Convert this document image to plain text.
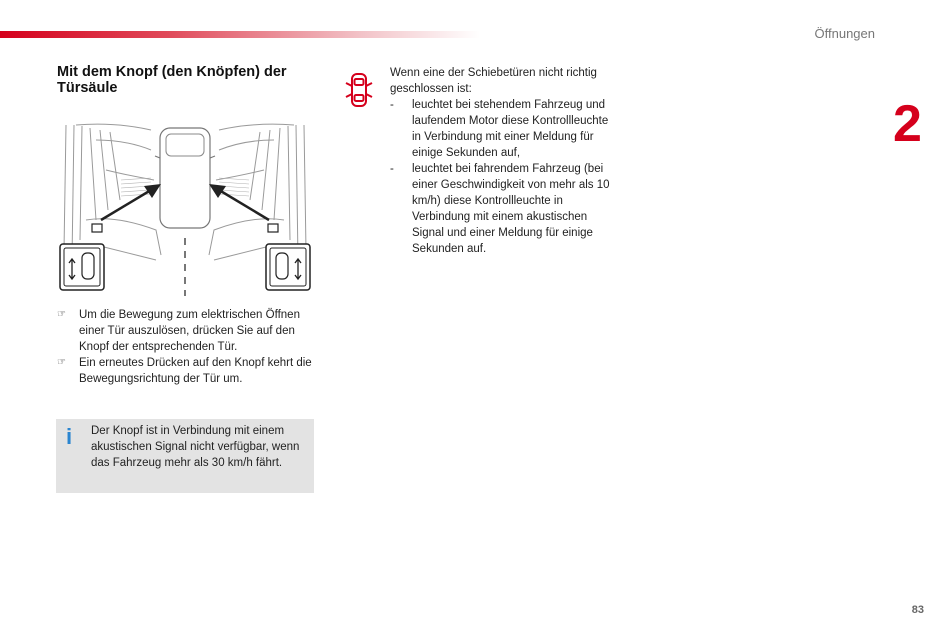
Öffnungen
2
83
Mit dem Knopf (den Knöpfen) der Türsäule
☞ Um die Bewegung zum elektrischen Öffnen einer Tür auszulösen, drücken Sie auf den Knopf der entsprechenden Tür.
☞ Ein erneutes Drücken auf den Knopf kehrt die Bewegungsrichtung der Tür um.
i Der Knopf ist in Verbindung mit einem akustischen Signal nicht verfügbar, wenn das Fahrzeug mehr als 30 km/h fährt.
Wenn eine der Schiebetüren nicht richtig geschlossen ist:
- leuchtet bei stehendem Fahrzeug und laufendem Motor diese Kontrollleuchte in Verbindung mit einer Meldung für einige Sekunden auf,
- leuchtet bei fahrendem Fahrzeug (bei einer Geschwindigkeit von mehr als 10 km/h) diese Kontrollleuchte in Verbindung mit einem akustischen Signal und einer Meldung für einige Sekunden auf.
